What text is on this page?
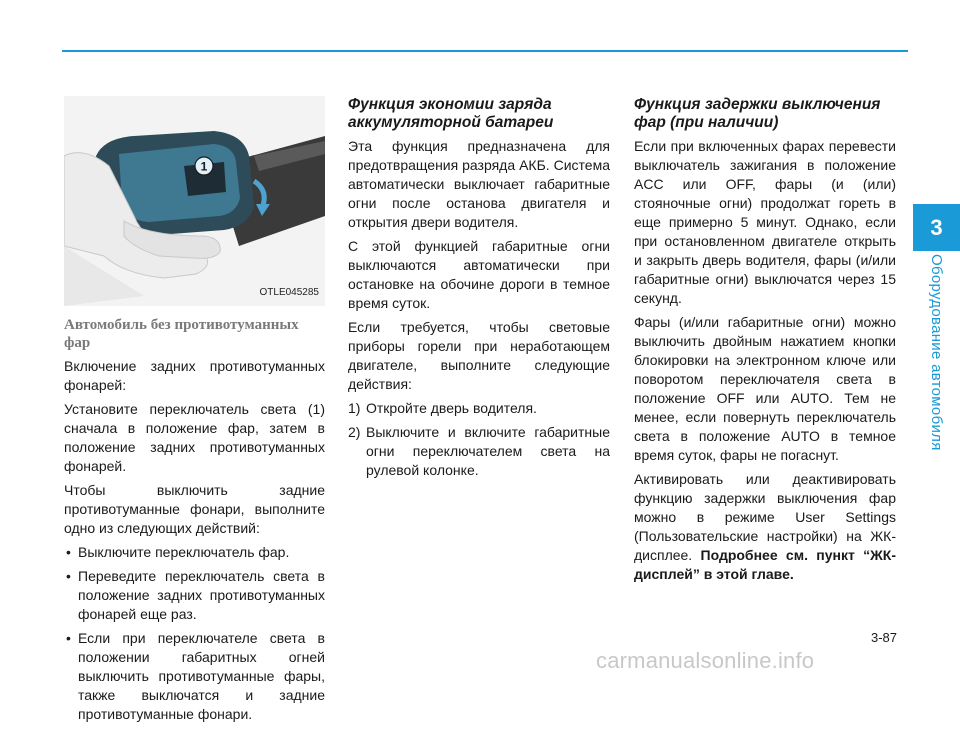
3
Оборудование автомобиля
1
OTLE045285
Автомобиль без противотуманных фар

Включение задних противотуманных фонарей:

Установите переключатель света (1) сначала в положение фар, затем в положение задних противотуманных фонарей.

Чтобы выключить задние противотуманные фонари, выполните одно из следующих действий:

• Выключите переключатель фар.
• Переведите переключатель света в положение задних противотуманных фонарей еще раз.
• Если при переключателе света в положении габаритных огней выключить противотуманные фары, также выключатся и задние противотуманные фонари.
Функция экономии заряда аккумуляторной батареи

Эта функция предназначена для предотвращения разряда АКБ. Система автоматически выключает габаритные огни после останова двигателя и открытия двери водителя.

С этой функцией габаритные огни выключаются автоматически при остановке на обочине дороги в темное время суток.

Если требуется, чтобы световые приборы горели при неработающем двигателе, выполните следующие действия:

1) Откройте дверь водителя.
2) Выключите и включите габаритные огни переключателем света на рулевой колонке.
Функция задержки выключения фар (при наличии)

Если при включенных фарах перевести выключатель зажигания в положение ACC или OFF, фары (и (или) стояночные огни) продолжат гореть в еще примерно 5 минут. Однако, если при остановленном двигателе открыть и закрыть дверь водителя, фары (и/или габаритные огни) выключатся через 15 секунд.

Фары (и/или габаритные огни) можно выключить двойным нажатием кнопки блокировки на электронном ключе или поворотом переключателя света в положение OFF или AUTO. Тем не менее, если повернуть переключатель света в положение AUTO в темное время суток, фары не погаснут.

Активировать или деактивировать функцию задержки выключения фар можно в режиме User Settings (Пользовательские настройки) на ЖК-дисплее. Подробнее см. пункт “ЖК-дисплей” в этой главе.

3-87
carmanualsonline.info
